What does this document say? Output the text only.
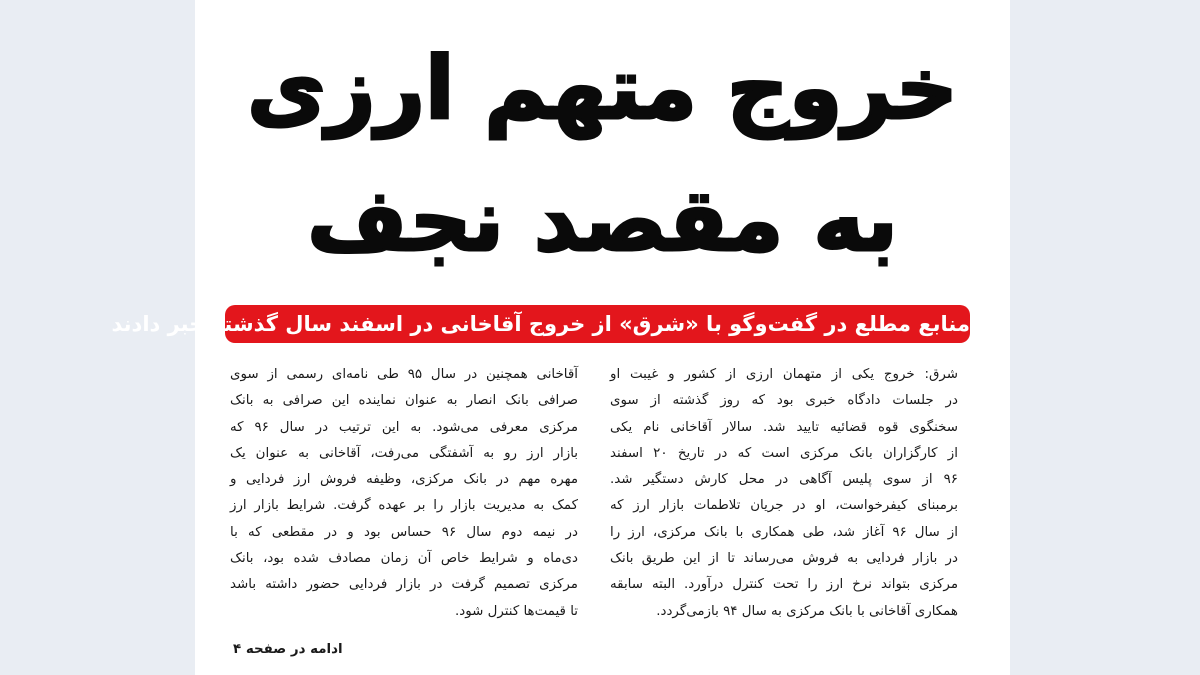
خروج متهم ارزی
به مقصد نجف
منابع مطلع در گفت‌وگو با «شرق» از خروج آقاخانی در اسفند سال گذشته خبر دادند
شرق: خروج یکی از متهمان ارزی از کشور و غیبت او
در جلسات دادگاه خبری بود که روز گذشته از سوی
سخنگوی قوه قضائیه تایید شد. سالار آقاخانی نام یکی
از کارگزاران بانک مرکزی است که در تاریخ ۲۰ اسفند
۹۶ از سوی پلیس آگاهی در محل کارش دستگیر شد.
برمبنای کیفرخواست، او در جریان تلاطمات بازار ارز که
از سال ۹۶ آغاز شد، طی همکاری با بانک مرکزی، ارز را
در بازار فردایی به فروش می‌رساند تا از این طریق بانک
مرکزی بتواند نرخ ارز را تحت کنترل درآورد. البته سابقه
همکاری آقاخانی با بانک مرکزی به سال ۹۴ بازمی‌گردد.
آقاخانی همچنین در سال ۹۵ طی نامه‌ای رسمی از سوی
صرافی بانک انصار به عنوان نماینده این صرافی به بانک
مرکزی معرفی می‌شود. به این ترتیب در سال ۹۶ که
بازار ارز رو به آشفتگی می‌رفت، آقاخانی به عنوان یک
مهره مهم در بانک مرکزی، وظیفه فروش ارز فردایی و
کمک به مدیریت بازار را بر عهده گرفت. شرایط بازار ارز
در نیمه دوم سال ۹۶ حساس بود و در مقطعی که با
دی‌ماه و شرایط خاص آن زمان مصادف شده بود، بانک
مرکزی تصمیم گرفت در بازار فردایی حضور داشته باشد
تا قیمت‌ها کنترل شود.
ادامه در صفحه ۴
